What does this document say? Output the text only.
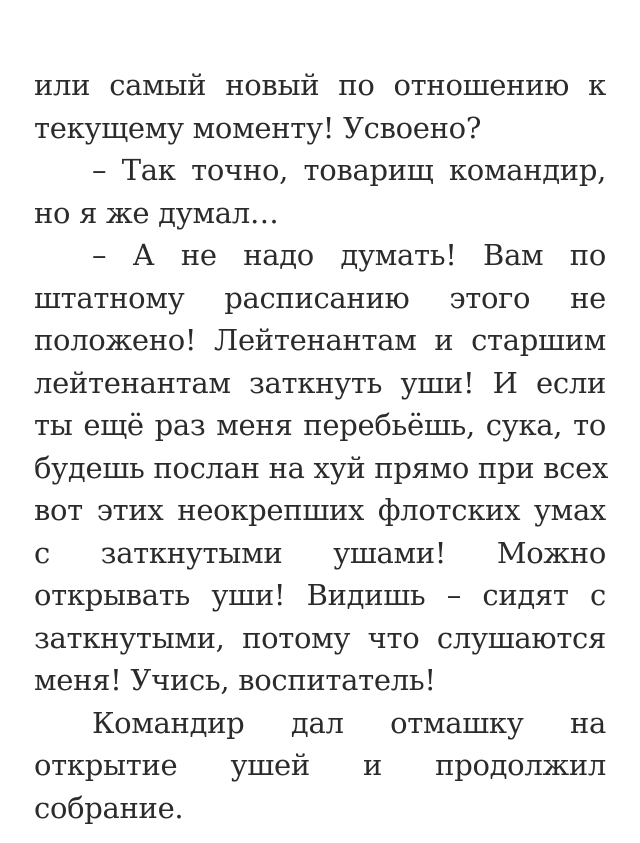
или самый новый по отношению к
текущему моменту! Усвоено?

– Так точно, товарищ командир,
но я же думал…

– А не надо думать! Вам по
штатному расписанию этого не
положено! Лейтенантам и старшим
лейтенантам заткнуть уши! И если
ты ещё раз меня перебьёшь, сука, то
будешь послан на хуй прямо при всех
вот этих неокрепших флотских умах
с заткнутыми ушами! Можно
открывать уши! Видишь – сидят с
заткнутыми, потому что слушаются
меня! Учись, воспитатель!

Командир дал отмашку на
открытие ушей и продолжил
собрание.
